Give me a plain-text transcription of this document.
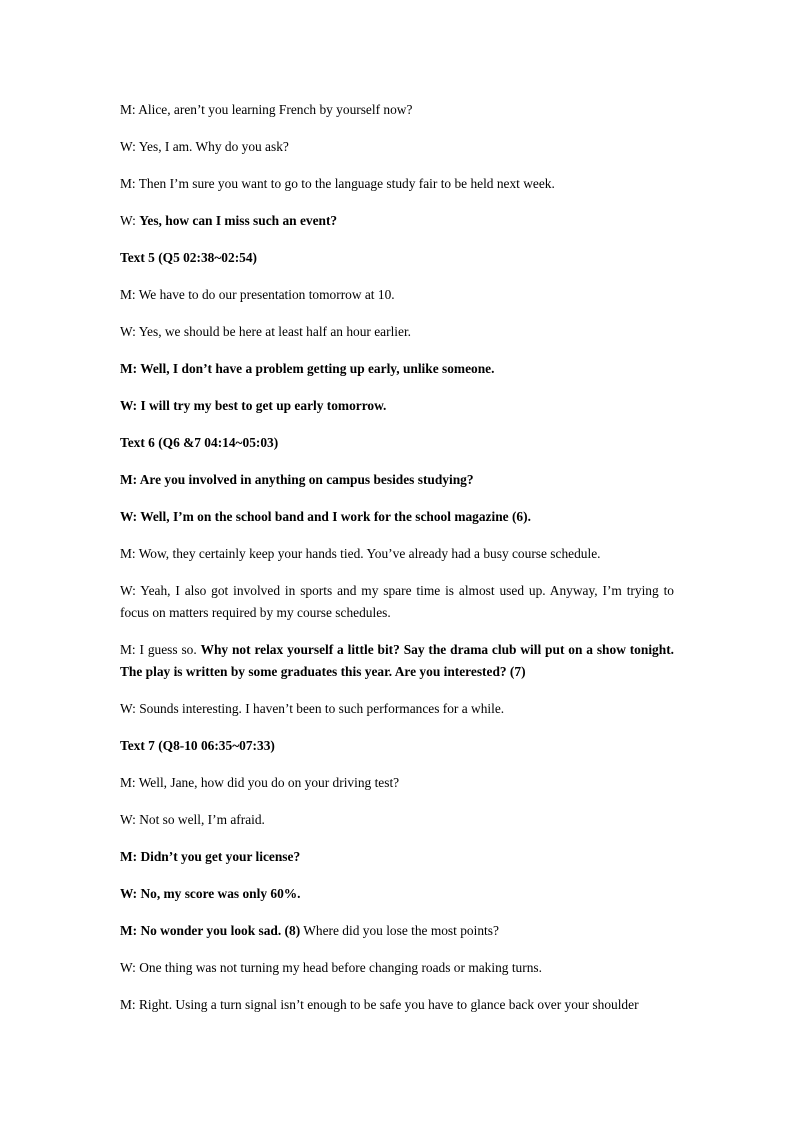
M: Alice, aren’t you learning French by yourself now?

W: Yes, I am. Why do you ask?

M: Then I’m sure you want to go to the language study fair to be held next week.

W: Yes, how can I miss such an event?

Text 5 (Q5 02:38~02:54)

M: We have to do our presentation tomorrow at 10.

W: Yes, we should be here at least half an hour earlier.

M: Well, I don’t have a problem getting up early, unlike someone.

W: I will try my best to get up early tomorrow.

Text 6 (Q6 &7 04:14~05:03)

M: Are you involved in anything on campus besides studying?

W: Well, I’m on the school band and I work for the school magazine (6).

M: Wow, they certainly keep your hands tied. You’ve already had a busy course schedule.

W: Yeah, I also got involved in sports and my spare time is almost used up. Anyway, I’m trying to focus on matters required by my course schedules.

M: I guess so. Why not relax yourself a little bit? Say the drama club will put on a show tonight. The play is written by some graduates this year. Are you interested? (7)

W: Sounds interesting. I haven’t been to such performances for a while.

Text 7 (Q8-10 06:35~07:33)

M: Well, Jane, how did you do on your driving test?

W: Not so well, I’m afraid.

M: Didn’t you get your license?

W: No, my score was only 60%.

M: No wonder you look sad. (8) Where did you lose the most points?

W: One thing was not turning my head before changing roads or making turns.

M: Right. Using a turn signal isn’t enough to be safe you have to glance back over your shoulder
